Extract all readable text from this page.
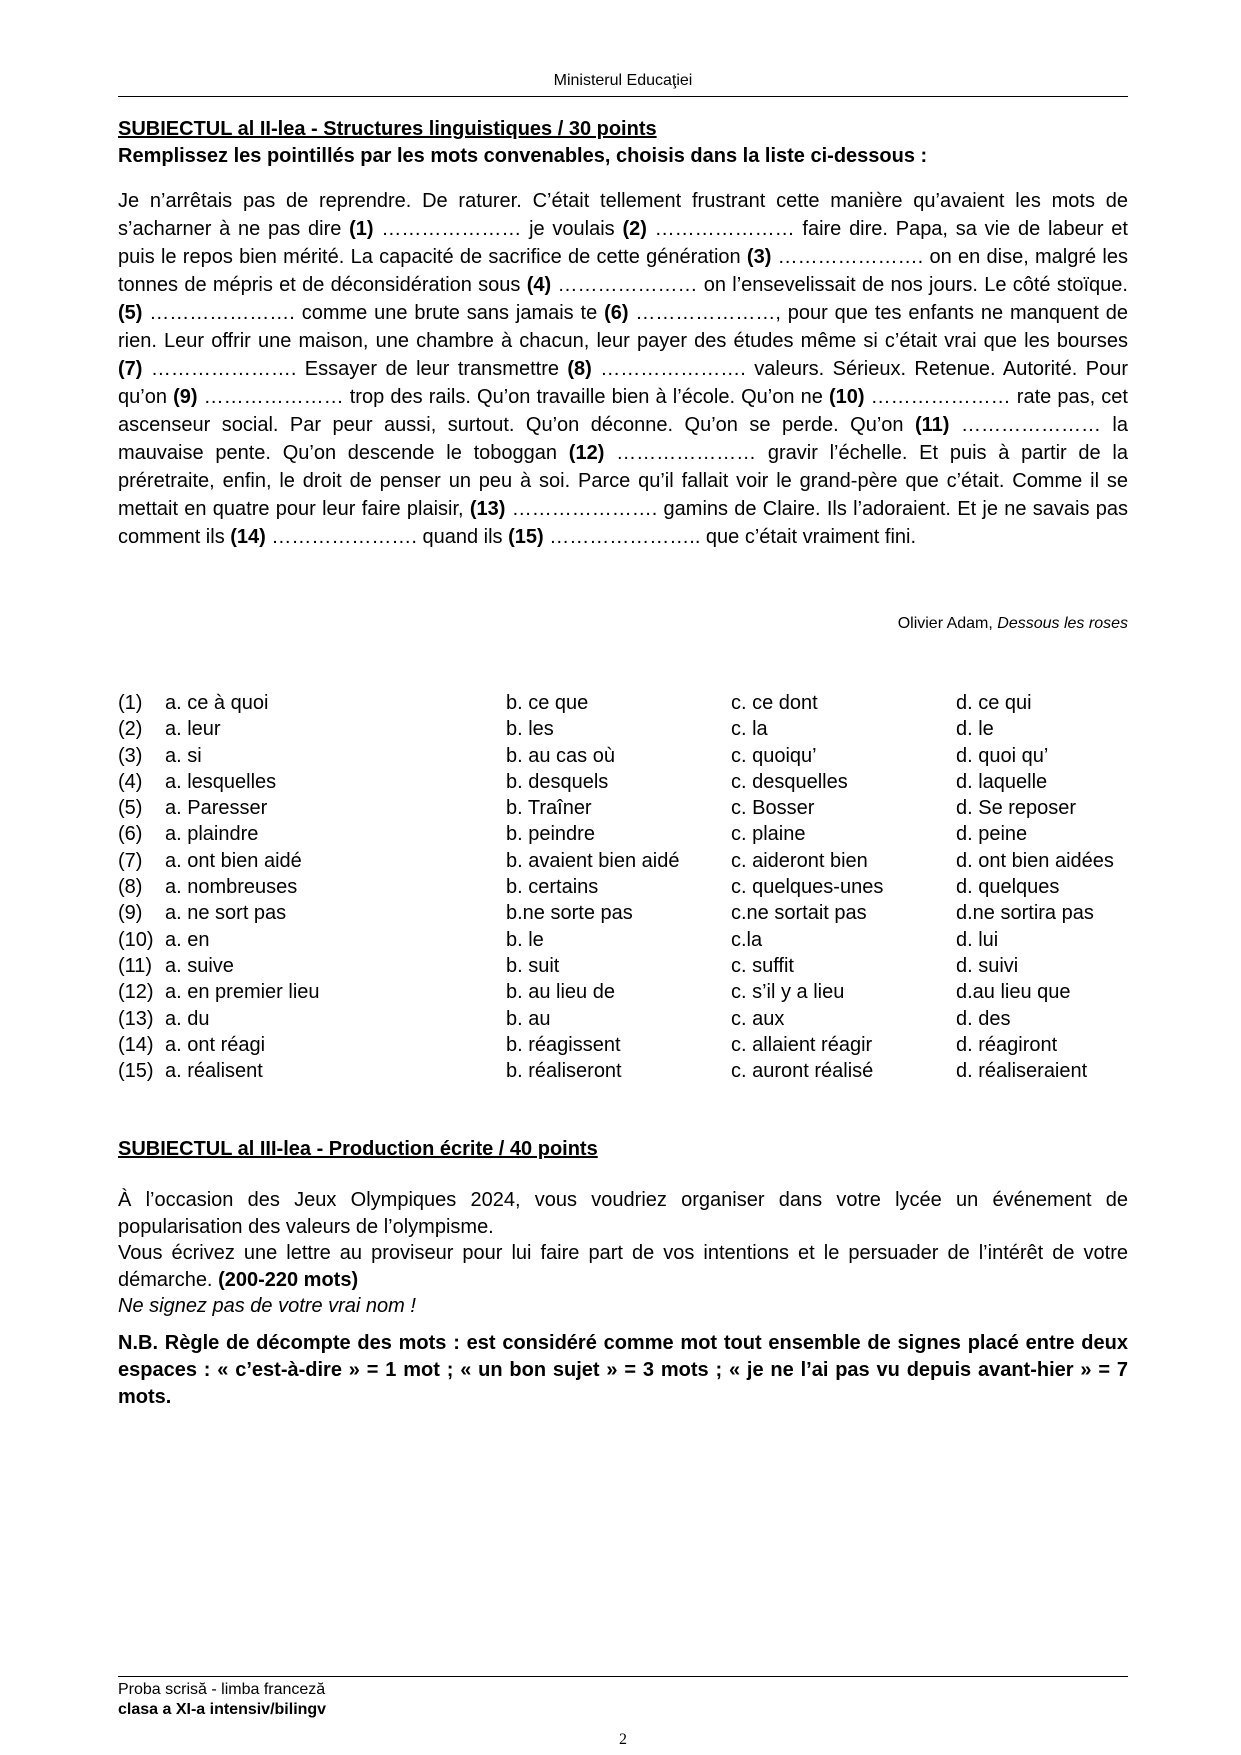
Ministerul Educaţiei
SUBIECTUL al II-lea - Structures linguistiques / 30 points
Remplissez les pointillés par les mots convenables, choisis dans la liste ci-dessous :
Je n’arrêtais pas de reprendre. De raturer. C’était tellement frustrant cette manière qu’avaient les mots de s’acharner à ne pas dire (1) ………………… je voulais (2) ………………… faire dire. Papa, sa vie de labeur et puis le repos bien mérité. La capacité de sacrifice de cette génération (3) …………………. on en dise, malgré les tonnes de mépris et de déconsidération sous (4) ………………… on l’ensevelissait de nos jours. Le côté stoïque. (5) …………………. comme une brute sans jamais te (6) …………………, pour que tes enfants ne manquent de rien. Leur offrir une maison, une chambre à chacun, leur payer des études même si c’était vrai que les bourses (7) …………………. Essayer de leur transmettre (8) …………………. valeurs. Sérieux. Retenue. Autorité. Pour qu’on (9) ………………… trop des rails. Qu’on travaille bien à l’école. Qu’on ne (10) ………………… rate pas, cet ascenseur social. Par peur aussi, surtout. Qu’on déconne. Qu’on se perde. Qu’on (11) ………………… la mauvaise pente. Qu’on descende le toboggan (12) ………………… gravir l’échelle. Et puis à partir de la préretraite, enfin, le droit de penser un peu à soi. Parce qu’il fallait voir le grand-père que c’était. Comme il se mettait en quatre pour leur faire plaisir, (13) …………………. gamins de Claire. Ils l’adoraient. Et je ne savais pas comment ils (14) …………………. quand ils (15) ………………….. que c’était vraiment fini.
Olivier Adam, Dessous les roses
(1) a. ce à quoi	b. ce que	c. ce dont	d. ce qui
(2) a. leur	b. les	c. la	d. le
(3) a. si	b. au cas où	c. quoiqu’	d. quoi qu’
(4) a. lesquelles	b. desquels	c. desquelles	d. laquelle
(5) a. Paresser	b. Traîner	c. Bosser	d. Se reposer
(6) a. plaindre	b. peindre	c. plaine	d. peine
(7) a. ont bien aidé	b. avaient bien aidé	c. aideront bien	d. ont bien aidées
(8) a. nombreuses	b. certains	c. quelques-unes	d. quelques
(9) a. ne sort pas	b.ne sorte pas	c.ne sortait pas	d.ne sortira pas
(10) a. en	b. le	c.la	d. lui
(11) a. suive	b. suit	c. suffit	d. suivi
(12) a. en premier lieu	b. au lieu de	c. s’il y a lieu	d.au lieu que
(13) a. du	b. au	c. aux	d. des
(14) a. ont réagi	b. réagissent	c. allaient réagir	d. réagiront
(15) a. réalisent	b. réaliseront	c. auront réalisé	d. réaliseraient
SUBIECTUL al III-lea - Production écrite / 40 points

À l’occasion des Jeux Olympiques 2024, vous voudriez organiser dans votre lycée un événement de popularisation des valeurs de l’olympisme.

Vous écrivez une lettre au proviseur pour lui faire part de vos intentions et le persuader de l’intérêt de votre démarche. (200-220 mots)

Ne signez pas de votre vrai nom !

N.B. Règle de décompte des mots : est considéré comme mot tout ensemble de signes placé entre deux espaces : « c’est-à-dire » = 1 mot ; « un bon sujet » = 3 mots ; « je ne l’ai pas vu depuis avant-hier » = 7 mots.
Proba scrisă - limba franceză
clasa a XI-a intensiv/bilingv
2
